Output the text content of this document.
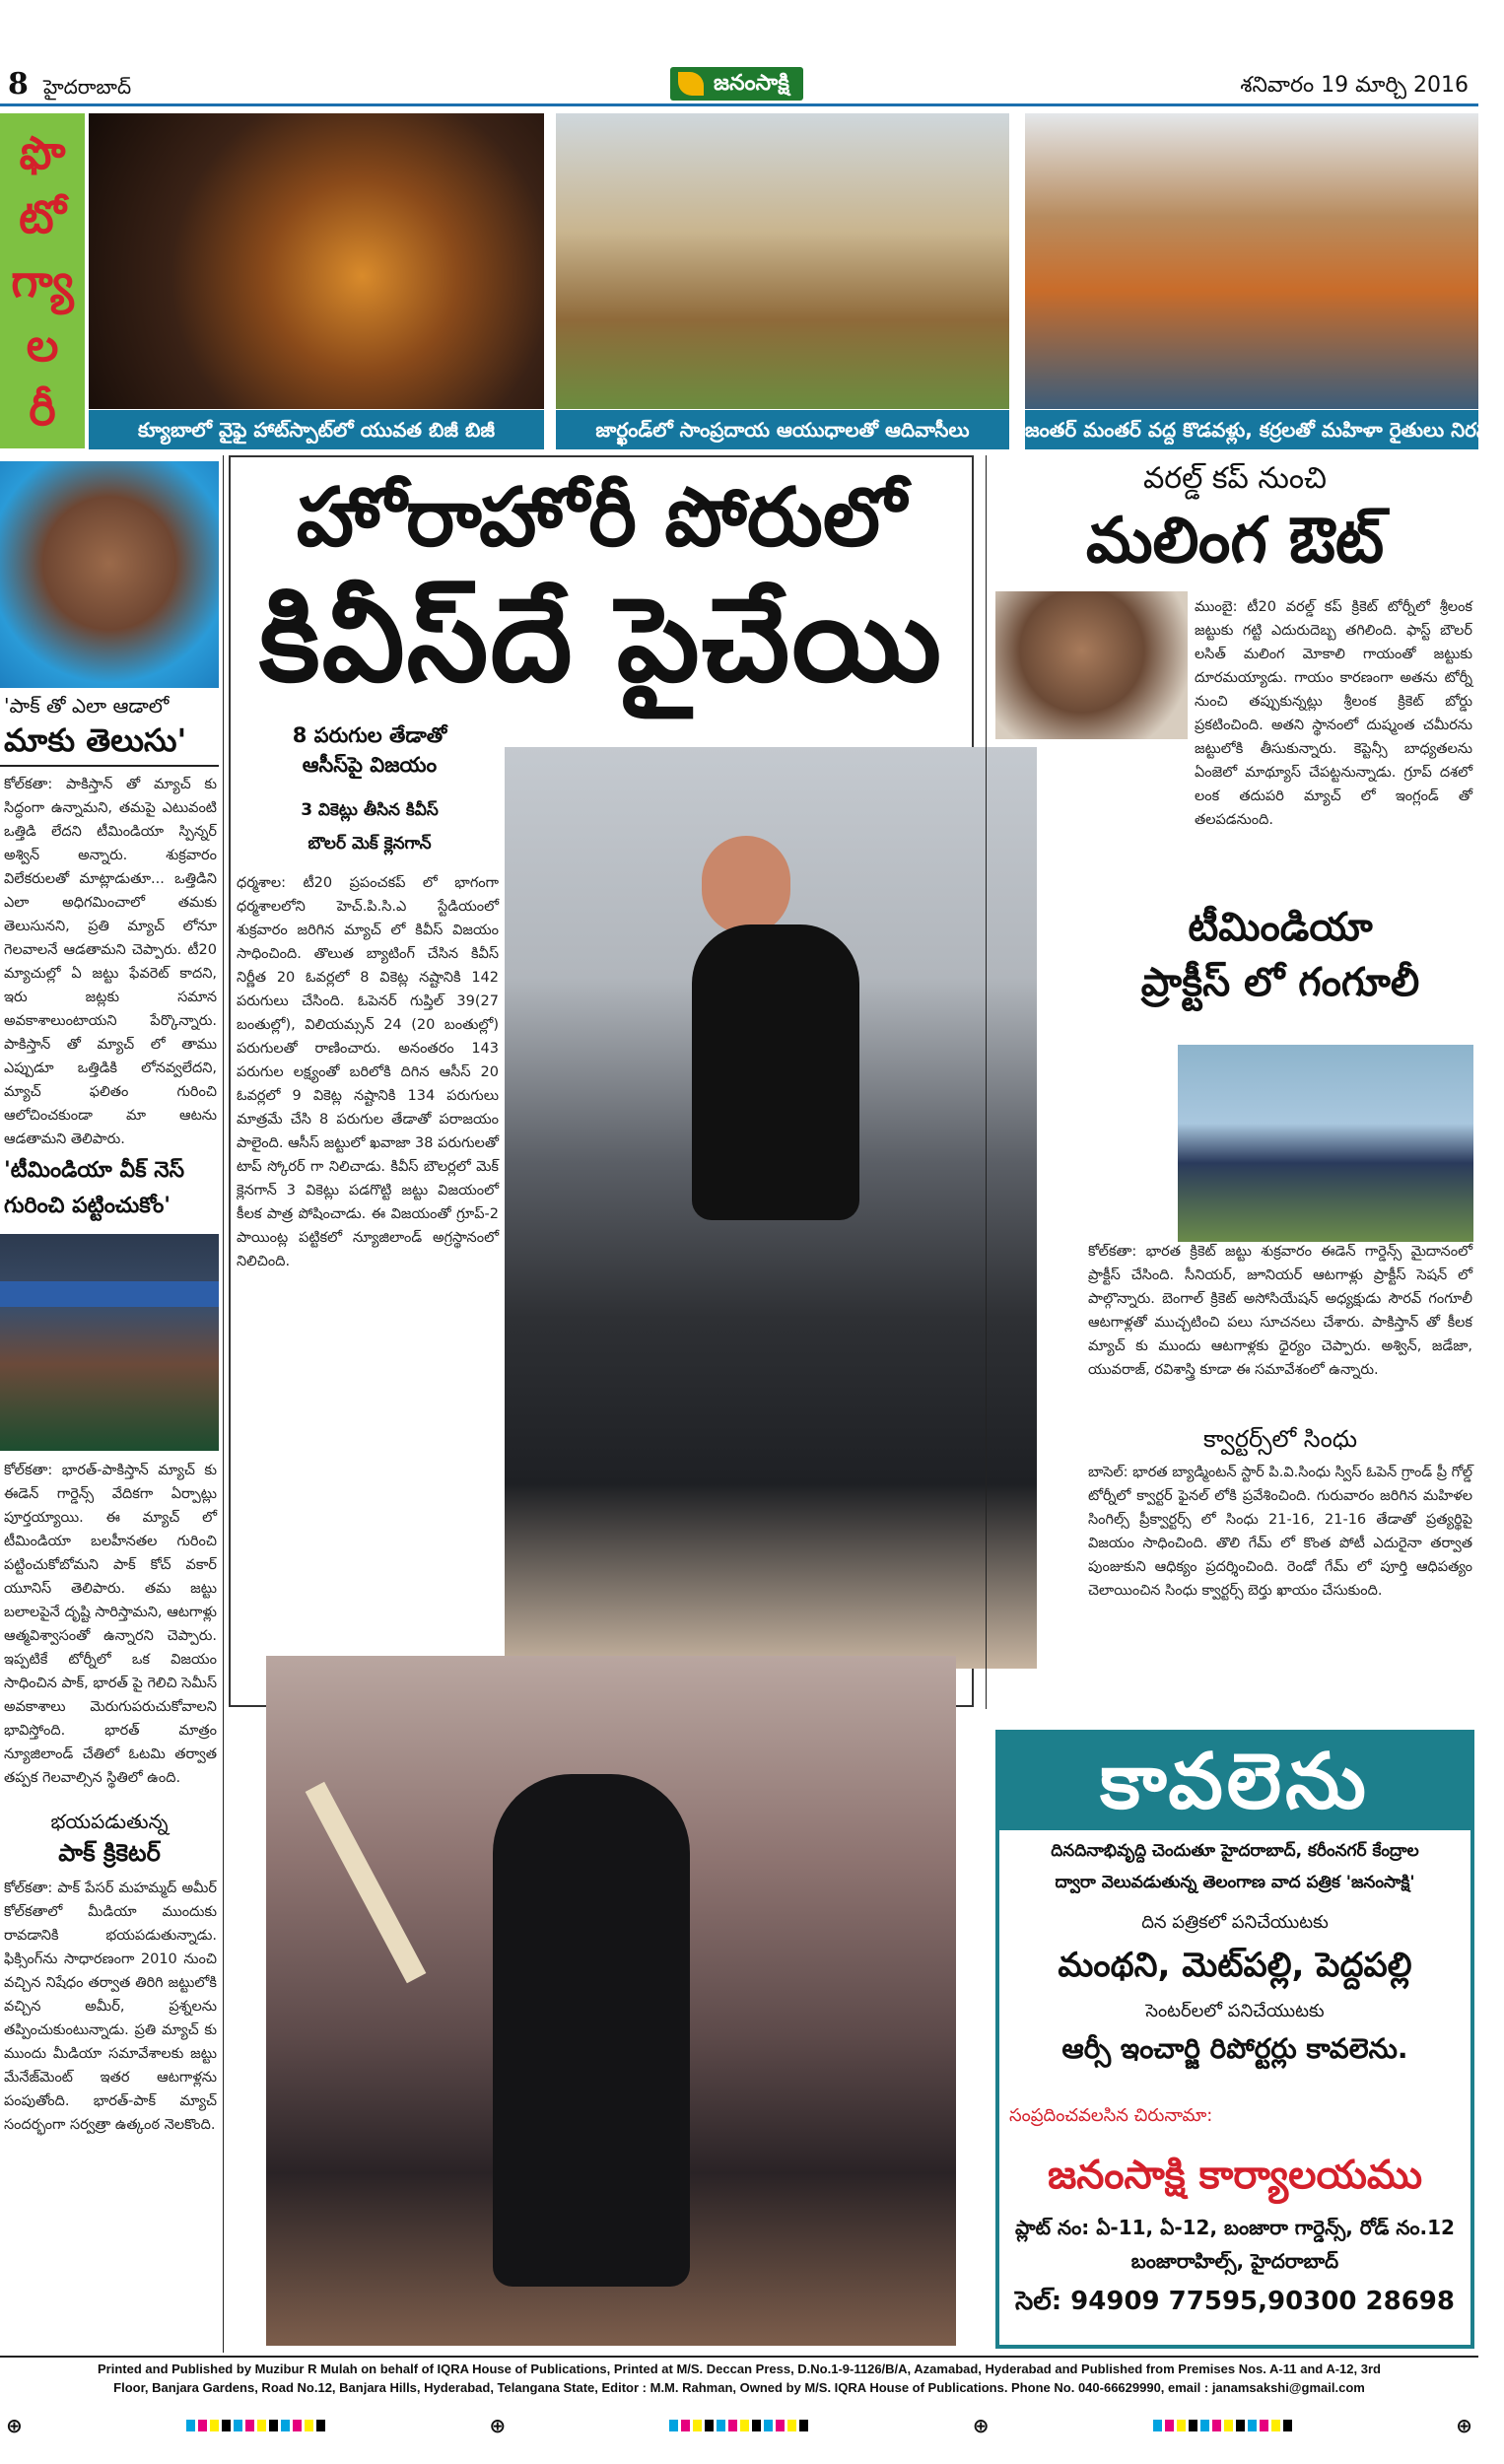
8 హైదరాబాద్	జనంసాక్షి	శనివారం 19 మార్చి 2016
ఫొ
టో
గ్యా
ల
రీ	క్యూబాలో వైఫై హాట్‌స్పాట్‌లో యువత బిజీ బిజీ	జార్ఖండ్‌లో సాంప్రదాయ ఆయుధాలతో ఆదివాసీలు	జంతర్ మంతర్ వద్ద కొడవళ్లు, కర్రలతో మహిళా రైతులు నిరసన
'పాక్ తో ఎలా ఆడాలో
మాకు తెలుసు'
కోల్‌కతా: పాకిస్తాన్ తో మ్యాచ్ కు సిద్ధంగా ఉన్నామని, తమపై ఎటువంటి ఒత్తిడి లేదని టీమిండియా స్పిన్నర్ అశ్విన్ అన్నారు. శుక్రవారం విలేకరులతో మాట్లాడుతూ... ఒత్తిడిని ఎలా అధిగమించాలో తమకు తెలుసునని, ప్రతి మ్యాచ్ లోనూ గెలవాలనే ఆడతామని చెప్పారు. టీ20 మ్యాచుల్లో ఏ జట్టు ఫేవరెట్ కాదని, ఇరు జట్లకు సమాన అవకాశాలుంటాయని పేర్కొన్నారు. పాకిస్తాన్ తో మ్యాచ్ లో తాము ఎప్పుడూ ఒత్తిడికి లోనవ్వలేదని, మ్యాచ్ ఫలితం గురించి ఆలోచించకుండా మా ఆటను ఆడతామని తెలిపారు.
'టీమిండియా వీక్ నెస్ గురించి పట్టించుకోం'
కోల్‌కతా: భారత్-పాకిస్తాన్ మ్యాచ్ కు ఈడెన్ గార్డెన్స్ వేదికగా ఏర్పాట్లు పూర్తయ్యాయి. ఈ మ్యాచ్ లో టీమిండియా బలహీనతల గురించి పట్టించుకోబోమని పాక్ కోచ్ వకార్ యూనిస్ తెలిపారు. తమ జట్టు బలాలపైనే దృష్టి సారిస్తామని, ఆటగాళ్లు ఆత్మవిశ్వాసంతో ఉన్నారని చెప్పారు. ఇప్పటికే టోర్నీలో ఒక విజయం సాధించిన పాక్, భారత్ పై గెలిచి సెమీస్ అవకాశాలు మెరుగుపరుచుకోవాలని భావిస్తోంది. భారత్ మాత్రం న్యూజిలాండ్ చేతిలో ఓటమి తర్వాత తప్పక గెలవాల్సిన స్థితిలో ఉంది.
భయపడుతున్న
పాక్ క్రికెటర్
కోల్‌కతా: పాక్ పేసర్ మహమ్మద్ అమీర్ కోల్‌కతాలో మీడియా ముందుకు రావడానికి భయపడుతున్నాడు. ఫిక్సింగ్‌ను సాధారణంగా 2010 నుంచి వచ్చిన నిషేధం తర్వాత తిరిగి జట్టులోకి వచ్చిన అమీర్, ప్రశ్నలను తప్పించుకుంటున్నాడు. ప్రతి మ్యాచ్ కు ముందు మీడియా సమావేశాలకు జట్టు మేనేజ్‌మెంట్ ఇతర ఆటగాళ్లను పంపుతోంది. భారత్-పాక్ మ్యాచ్ సందర్భంగా సర్వత్రా ఉత్కంఠ నెలకొంది.
హోరాహోరీ పోరులో
కివీస్‌దే పైచేయి
8 పరుగుల తేడాతో
ఆసీస్‌పై విజయం
3 వికెట్లు తీసిన కివీస్
బౌలర్ మెక్ క్లెనగాన్
ధర్మశాల: టీ20 ప్రపంచకప్ లో భాగంగా ధర్మశాలలోని హెచ్.పి.సి.ఎ స్టేడియంలో శుక్రవారం జరిగిన మ్యాచ్ లో కివీస్ విజయం సాధించింది. తొలుత బ్యాటింగ్ చేసిన కివీస్ నిర్ణీత 20 ఓవర్లలో 8 వికెట్ల నష్టానికి 142 పరుగులు చేసింది. ఓపెనర్ గుప్తిల్ 39(27 బంతుల్లో), విలియమ్సన్ 24 (20 బంతుల్లో) పరుగులతో రాణించారు. అనంతరం 143 పరుగుల లక్ష్యంతో బరిలోకి దిగిన ఆసీస్ 20 ఓవర్లలో 9 వికెట్ల నష్టానికి 134 పరుగులు మాత్రమే చేసి 8 పరుగుల తేడాతో పరాజయం పాలైంది. ఆసీస్ జట్టులో ఖవాజా 38 పరుగులతో టాప్ స్కోరర్ గా నిలిచాడు. కివీస్ బౌలర్లలో మెక్ క్లెనగాన్ 3 వికెట్లు పడగొట్టి జట్టు విజయంలో కీలక పాత్ర పోషించాడు. ఈ విజయంతో గ్రూప్-2 పాయింట్ల పట్టికలో న్యూజిలాండ్ అగ్రస్థానంలో నిలిచింది.
వరల్డ్ కప్ నుంచి
మలింగ ఔట్
ముంబై: టీ20 వరల్డ్ కప్ క్రికెట్ టోర్నీలో శ్రీలంక జట్టుకు గట్టి ఎదురుదెబ్బ తగిలింది. ఫాస్ట్ బౌలర్ లసిత్ మలింగ మోకాలి గాయంతో జట్టుకు దూరమయ్యాడు. గాయం కారణంగా అతను టోర్నీ నుంచి తప్పుకున్నట్లు శ్రీలంక క్రికెట్ బోర్డు ప్రకటించింది. అతని స్థానంలో దుష్మంత చమీరను జట్టులోకి తీసుకున్నారు. కెప్టెన్సీ బాధ్యతలను ఏంజెలో మాథ్యూస్ చేపట్టనున్నాడు. గ్రూప్ దశలో లంక తదుపరి మ్యాచ్ లో ఇంగ్లండ్ తో తలపడనుంది.
టీమిండియా
ప్రాక్టీస్ లో గంగూలీ
కోల్‌కతా: భారత క్రికెట్ జట్టు శుక్రవారం ఈడెన్ గార్డెన్స్ మైదానంలో ప్రాక్టీస్ చేసింది. సీనియర్, జూనియర్ ఆటగాళ్లు ప్రాక్టీస్ సెషన్ లో పాల్గొన్నారు. బెంగాల్ క్రికెట్ అసోసియేషన్ అధ్యక్షుడు సౌరవ్ గంగూలీ ఆటగాళ్లతో ముచ్చటించి పలు సూచనలు చేశారు. పాకిస్తాన్ తో కీలక మ్యాచ్ కు ముందు ఆటగాళ్లకు ధైర్యం చెప్పారు. అశ్విన్, జడేజా, యువరాజ్, రవిశాస్త్రి కూడా ఈ సమావేశంలో ఉన్నారు.
క్వార్టర్స్‌లో సింధు
బాసెల్: భారత బ్యాడ్మింటన్ స్టార్ పి.వి.సింధు స్విస్ ఓపెన్ గ్రాండ్ ప్రీ గోల్డ్ టోర్నీలో క్వార్టర్ ఫైనల్ లోకి ప్రవేశించింది. గురువారం జరిగిన మహిళల సింగిల్స్ ప్రీక్వార్టర్స్ లో సింధు 21-16, 21-16 తేడాతో ప్రత్యర్థిపై విజయం సాధించింది. తొలి గేమ్ లో కొంత పోటీ ఎదురైనా తర్వాత పుంజుకుని ఆధిక్యం ప్రదర్శించింది. రెండో గేమ్ లో పూర్తి ఆధిపత్యం చెలాయించిన సింధు క్వార్టర్స్ బెర్తు ఖాయం చేసుకుంది.
కావలెను
దినదినాభివృద్ది చెందుతూ హైదరాబాద్, కరీంనగర్ కేంద్రాల
ద్వారా వెలువడుతున్న తెలంగాణ వాద పత్రిక 'జనంసాక్షి'
దిన పత్రికలో పనిచేయుటకు
మంథని, మెట్‌పల్లి, పెద్దపల్లి
సెంటర్‌లలో పనిచేయుటకు
ఆర్సీ ఇంచార్జి రిపోర్టర్లు కావలెను.
సంప్రదించవలసిన చిరునామా:
జనంసాక్షి కార్యాలయము
ప్లాట్ నం: ఏ-11, ఏ-12, బంజారా గార్డెన్స్, రోడ్ నం.12
బంజారాహిల్స్, హైదరాబాద్
సెల్: 94909 77595,90300 28698
Printed and Published by Muzibur R Mulah on behalf of IQRA House of Publications, Printed at M/S. Deccan Press, D.No.1-9-1126/B/A, Azamabad, Hyderabad and Published from Premises Nos. A-11 and A-12, 3rd
Floor, Banjara Gardens, Road No.12, Banjara Hills, Hyderabad, Telangana State, Editor : M.M. Rahman, Owned by M/S. IQRA House of Publications. Phone No. 040-66629990, email : janamsakshi@gmail.com
⊕	⊕	⊕	⊕
